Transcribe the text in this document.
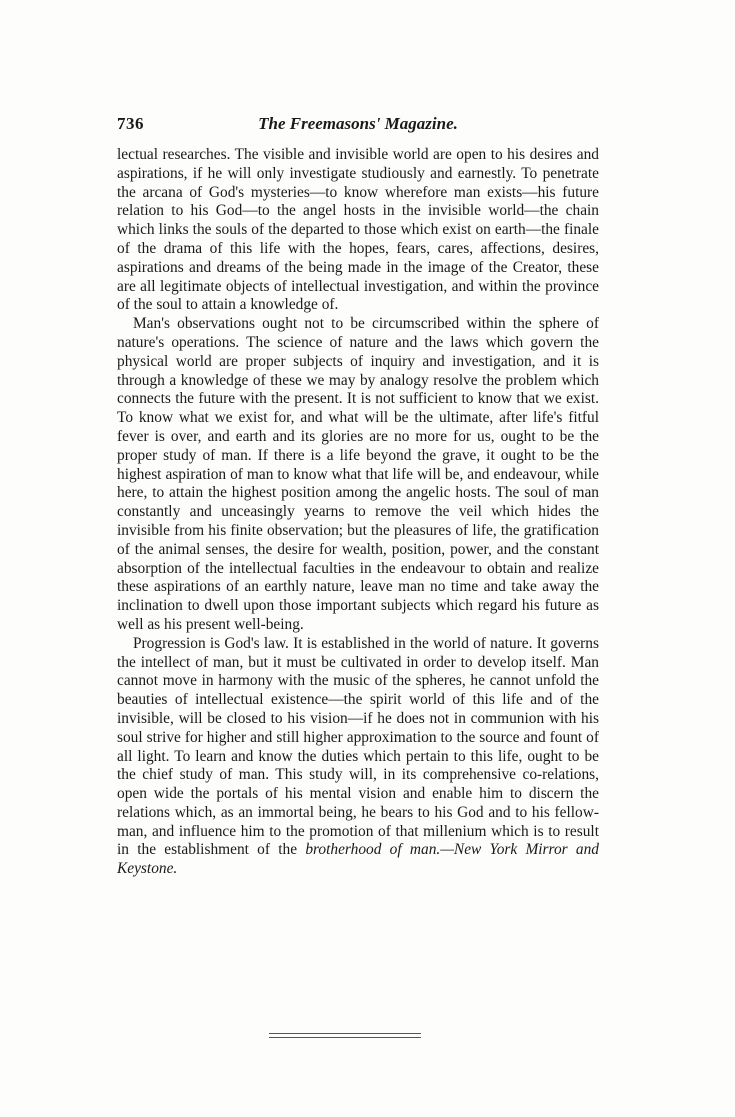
736	The Freemasons' Magazine.

lectual researches. The visible and invisible world are open to his desires and aspirations, if he will only investigate studiously and earnestly. To penetrate the arcana of God's mysteries—to know wherefore man exists—his future relation to his God—to the angel hosts in the invisible world—the chain which links the souls of the departed to those which exist on earth—the finale of the drama of this life with the hopes, fears, cares, affections, desires, aspirations and dreams of the being made in the image of the Creator, these are all legitimate objects of intellectual investigation, and within the province of the soul to attain a knowledge of.

Man's observations ought not to be circumscribed within the sphere of nature's operations. The science of nature and the laws which govern the physical world are proper subjects of inquiry and investigation, and it is through a knowledge of these we may by analogy resolve the problem which connects the future with the present. It is not sufficient to know that we exist. To know what we exist for, and what will be the ultimate, after life's fitful fever is over, and earth and its glories are no more for us, ought to be the proper study of man. If there is a life beyond the grave, it ought to be the highest aspiration of man to know what that life will be, and endeavour, while here, to attain the highest position among the angelic hosts. The soul of man constantly and unceasingly yearns to remove the veil which hides the invisible from his finite observation; but the pleasures of life, the gratification of the animal senses, the desire for wealth, position, power, and the constant absorption of the intellectual faculties in the endeavour to obtain and realize these aspirations of an earthly nature, leave man no time and take away the inclination to dwell upon those important subjects which regard his future as well as his present well-being.

Progression is God's law. It is established in the world of nature. It governs the intellect of man, but it must be cultivated in order to develop itself. Man cannot move in harmony with the music of the spheres, he cannot unfold the beauties of intellectual existence—the spirit world of this life and of the invisible, will be closed to his vision—if he does not in communion with his soul strive for higher and still higher approximation to the source and fount of all light. To learn and know the duties which pertain to this life, ought to be the chief study of man. This study will, in its comprehensive co-relations, open wide the portals of his mental vision and enable him to discern the relations which, as an immortal being, he bears to his God and to his fellow-man, and influence him to the promotion of that millenium which is to result in the establishment of the brotherhood of man.—New York Mirror and Keystone.
